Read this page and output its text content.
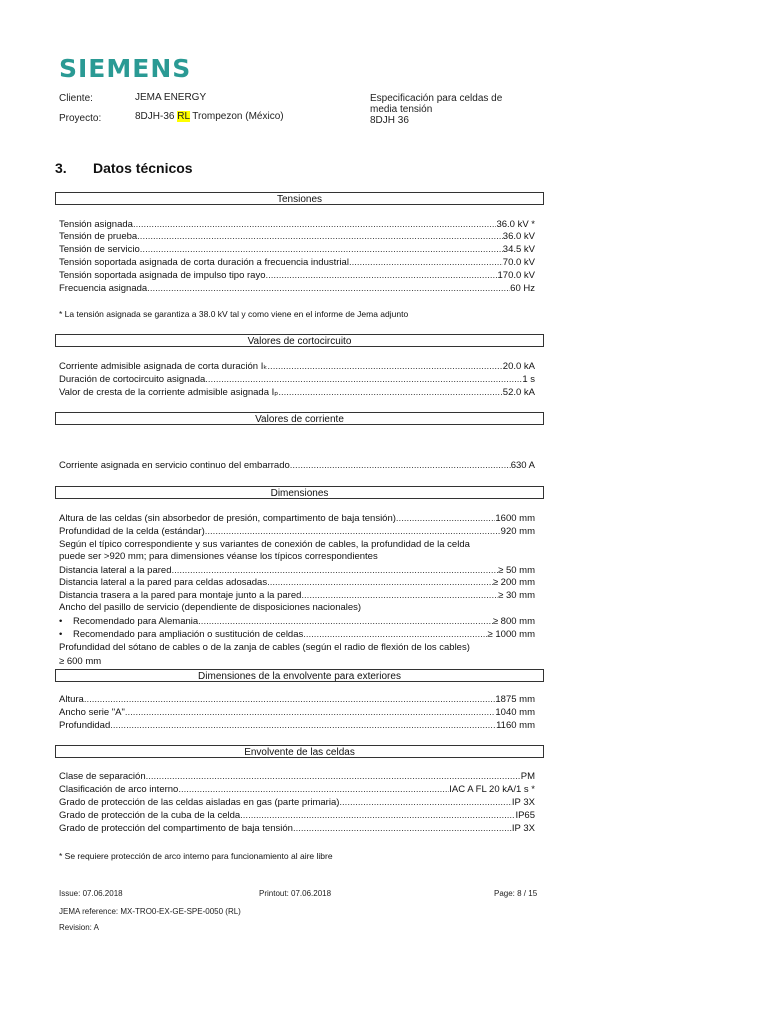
SIEMENS
Cliente:	JEMA ENERGY
Proyecto:	8DJH-36 RL Trompezon (México)
Especificación para celdas de
media tensión
8DJH 36
3. Datos técnicos
Tensiones
Tensión asignada .....	36.0 kV *
Tensión de prueba .....	36.0 kV
Tensión de servicio .....	34.5 kV
Tensión soportada asignada de corta duración a frecuencia industrial .....	70.0 kV
Tensión soportada asignada de impulso tipo rayo .....	170.0 kV
Frecuencia asignada .....	60 Hz
* La tensión asignada se garantiza a 38.0 kV tal y como viene en el informe de Jema adjunto
Valores de cortocircuito
Corriente admisible asignada de corta duración Iₖ .....	20.0 kA
Duración de cortocircuito asignada .....	1 s
Valor de cresta de la corriente admisible asignada Iₚ .....	52.0 kA
Valores de corriente
Corriente asignada en servicio continuo del embarrado .....	630 A
Dimensiones
Altura de las celdas (sin absorbedor de presión, compartimento de baja tensión) .....	1600 mm
Profundidad de la celda (estándar) .....	920 mm
Según el típico correspondiente y sus variantes de conexión de cables, la profundidad de la celda
puede ser >920 mm; para dimensiones véanse los típicos correspondientes
Distancia lateral a la pared .....	≥ 50 mm
Distancia lateral a la pared para celdas adosadas .....	≥ 200 mm
Distancia trasera a la pared para montaje junto a la pared .....	≥ 30 mm
Ancho del pasillo de servicio (dependiente de disposiciones nacionales)
•	Recomendado para Alemania .....	≥ 800 mm
•	Recomendado para ampliación o sustitución de celdas .....	≥ 1000 mm
Profundidad del sótano de cables o de la zanja de cables (según el radio de flexión de los cables)
≥ 600 mm
Dimensiones de la envolvente para exteriores
Altura .....	1875 mm
Ancho serie "A" .....	1040 mm
Profundidad .....	1160 mm
Envolvente de las celdas
Clase de separación .....	PM
Clasificación de arco interno .....	IAC A FL 20 kA/1 s *
Grado de protección de las celdas aisladas en gas (parte primaria) .....	IP 3X
Grado de protección de la cuba de la celda .....	IP65
Grado de protección del compartimento de baja tensión .....	IP 3X
* Se requiere protección de arco interno para funcionamiento al aire libre
Issue: 07.06.2018	Printout: 07.06.2018	Page: 8 / 15
JEMA reference: MX-TRO0-EX-GE-SPE-0050 (RL)
Revision: A
